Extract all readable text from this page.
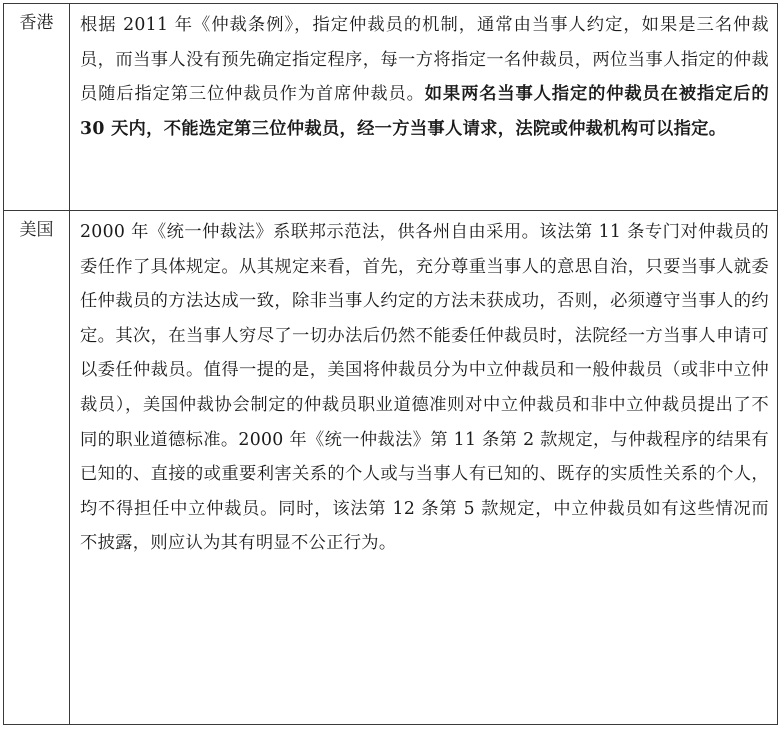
香港	根据 2011 年《仲裁条例》，指定仲裁员的机制，通常由当事人约定，如果是三名仲裁员，而当事人没有预先确定指定程序，每一方将指定一名仲裁员，两位当事人指定的仲裁员随后指定第三位仲裁员作为首席仲裁员。如果两名当事人指定的仲裁员在被指定后的 30 天内，不能选定第三位仲裁员，经一方当事人请求，法院或仲裁机构可以指定。
美国	2000 年《统一仲裁法》系联邦示范法，供各州自由采用。该法第 11 条专门对仲裁员的委任作了具体规定。从其规定来看，首先，充分尊重当事人的意思自治，只要当事人就委任仲裁员的方法达成一致，除非当事人约定的方法未获成功，否则，必须遵守当事人的约定。其次，在当事人穷尽了一切办法后仍然不能委任仲裁员时，法院经一方当事人申请可以委任仲裁员。值得一提的是，美国将仲裁员分为中立仲裁员和一般仲裁员（或非中立仲裁员），美国仲裁协会制定的仲裁员职业道德准则对中立仲裁员和非中立仲裁员提出了不同的职业道德标准。2000 年《统一仲裁法》第 11 条第 2 款规定，与仲裁程序的结果有已知的、直接的或重要利害关系的个人或与当事人有已知的、既存的实质性关系的个人，均不得担任中立仲裁员。同时，该法第 12 条第 5 款规定，中立仲裁员如有这些情况而不披露，则应认为其有明显不公正行为。
